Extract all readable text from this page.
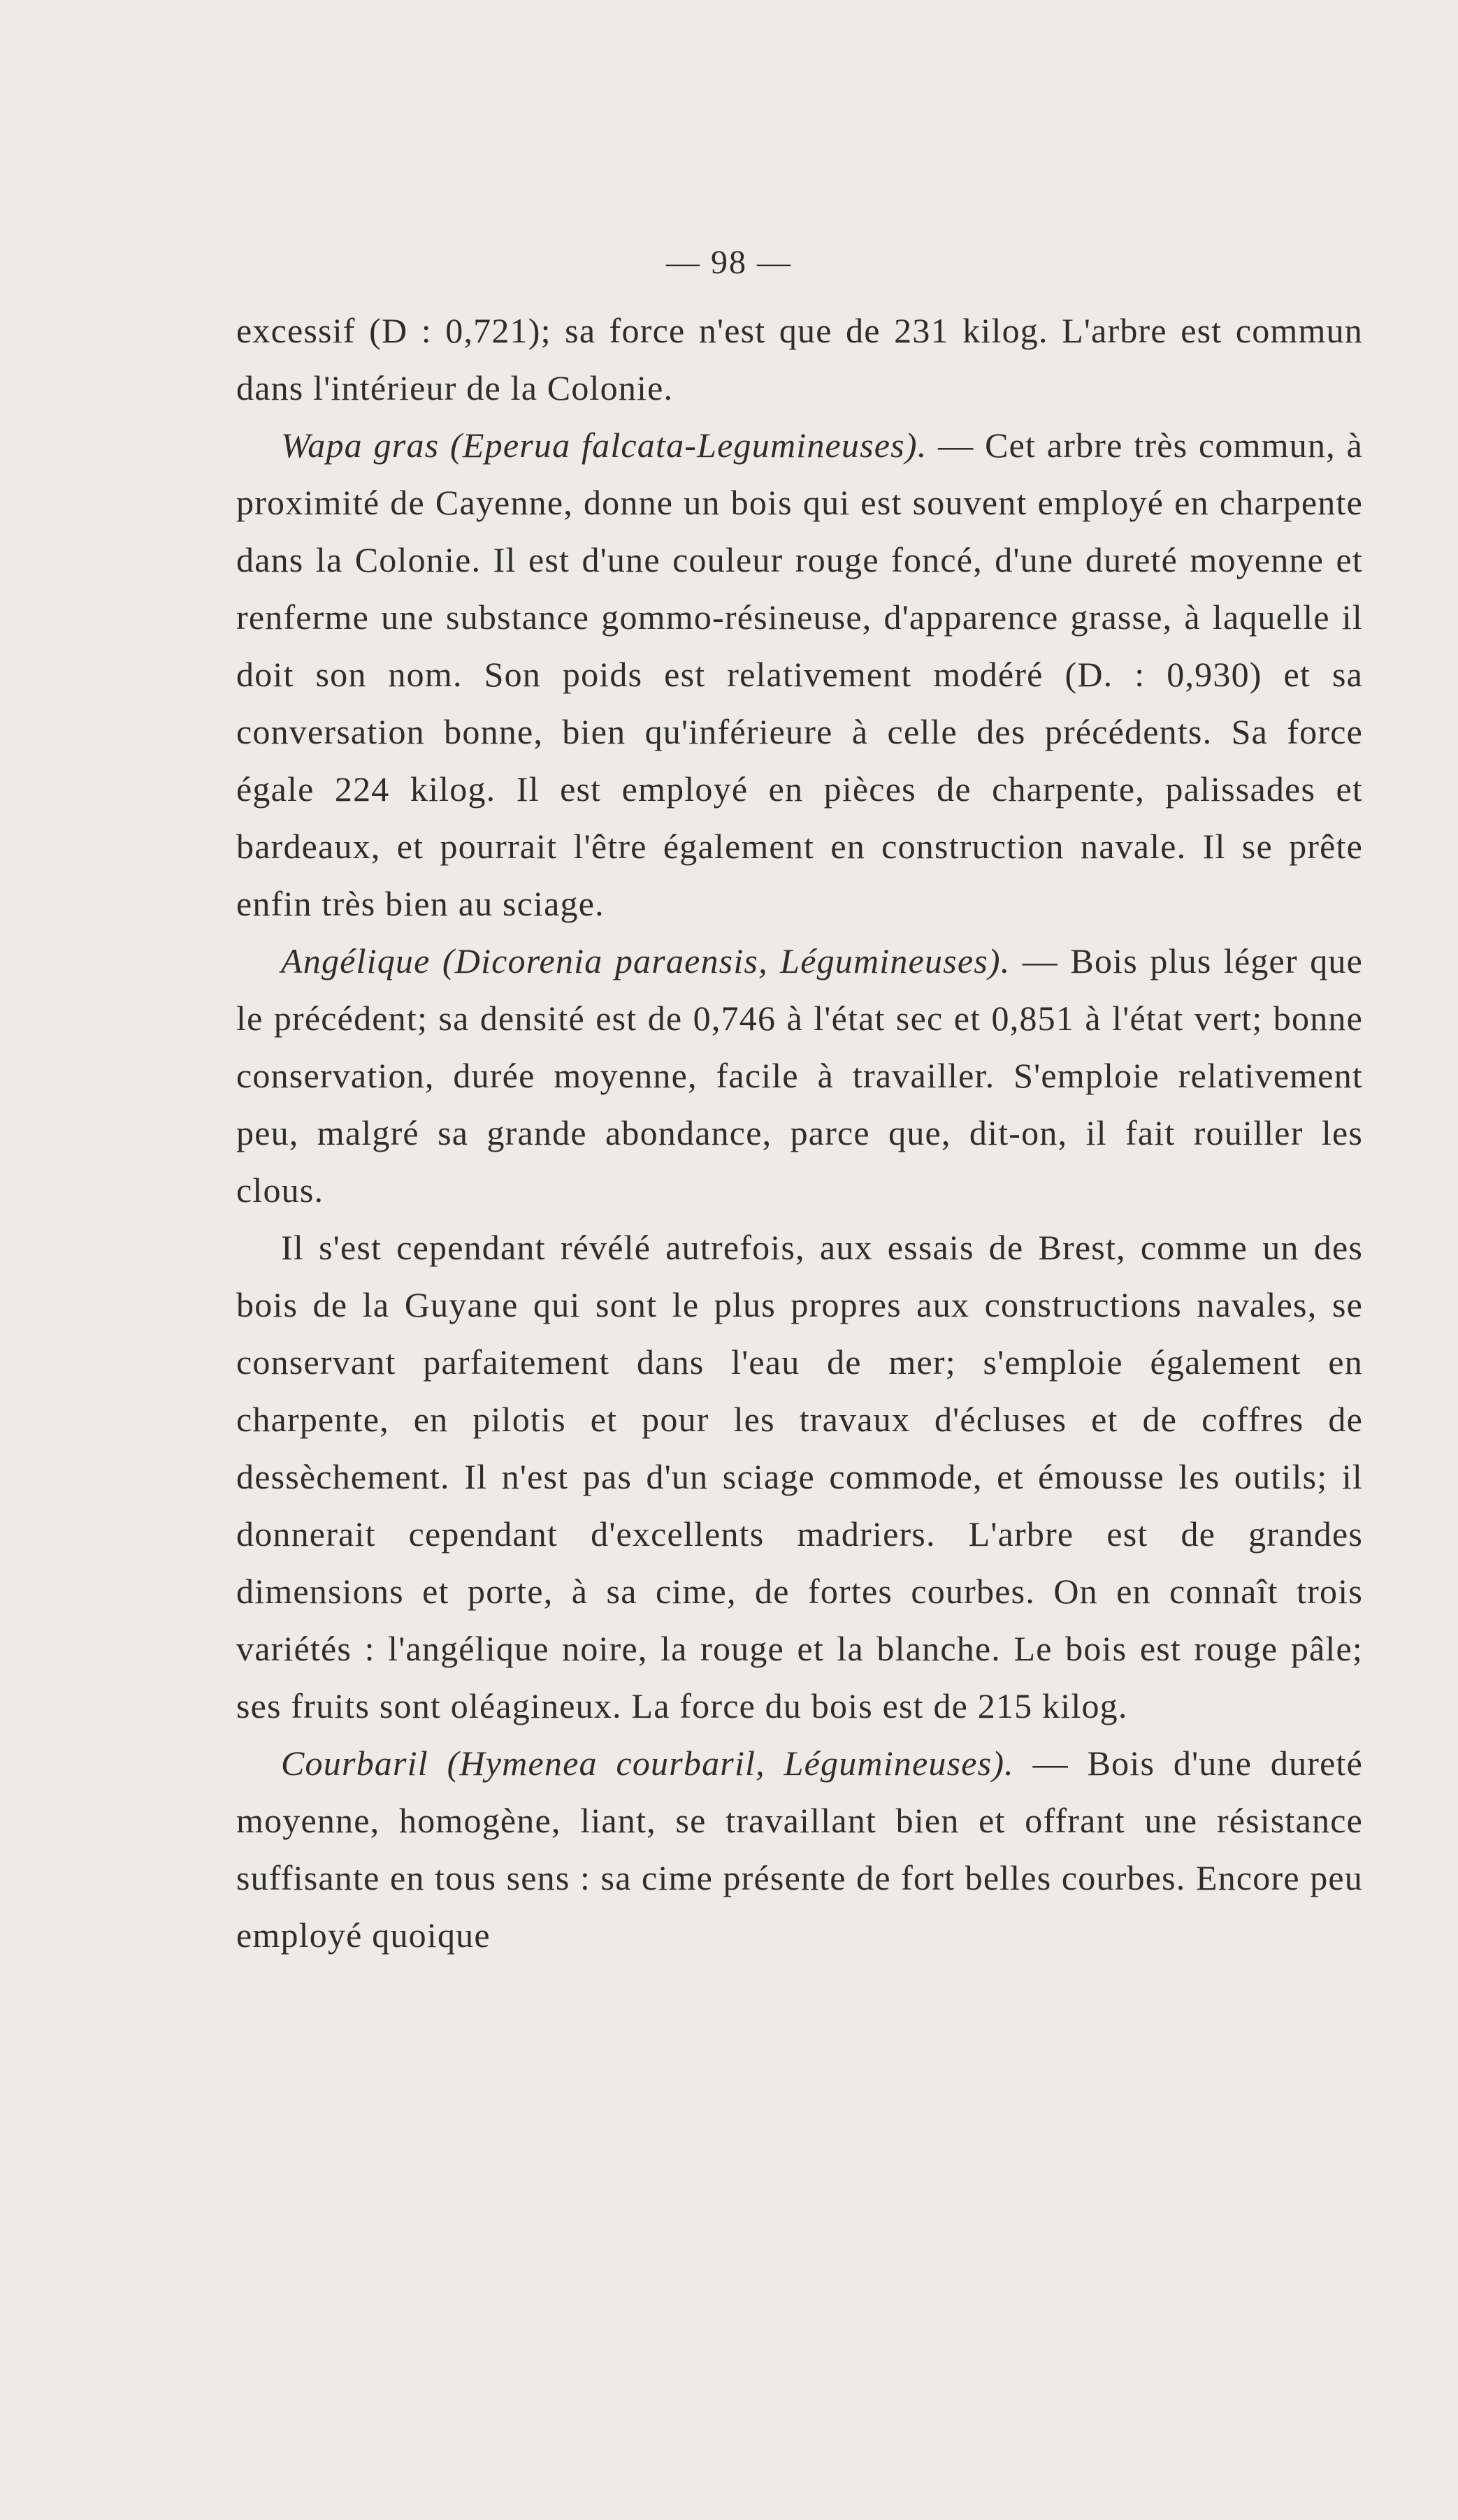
— 98 —

excessif (D : 0,721); sa force n'est que de 231 kilog. L'arbre est commun dans l'intérieur de la Colonie.

Wapa gras (Eperua falcata-Legumineuses). — Cet arbre très commun, à proximité de Cayenne, donne un bois qui est souvent employé en charpente dans la Colonie. Il est d'une couleur rouge foncé, d'une dureté moyenne et renferme une substance gommo-résineuse, d'apparence grasse, à laquelle il doit son nom. Son poids est relativement modéré (D. : 0,930) et sa conversation bonne, bien qu'inférieure à celle des précédents. Sa force égale 224 kilog. Il est employé en pièces de charpente, palissades et bardeaux, et pourrait l'être également en construction navale. Il se prête enfin très bien au sciage.

Angélique (Dicorenia paraensis, Légumineuses). — Bois plus léger que le précédent; sa densité est de 0,746 à l'état sec et 0,851 à l'état vert; bonne conservation, durée moyenne, facile à travailler. S'emploie relativement peu, malgré sa grande abondance, parce que, dit-on, il fait rouiller les clous.

Il s'est cependant révélé autrefois, aux essais de Brest, comme un des bois de la Guyane qui sont le plus propres aux constructions navales, se conservant parfaitement dans l'eau de mer; s'emploie également en charpente, en pilotis et pour les travaux d'écluses et de coffres de dessèchement. Il n'est pas d'un sciage commode, et émousse les outils; il donnerait cependant d'excellents madriers. L'arbre est de grandes dimensions et porte, à sa cime, de fortes courbes. On en connaît trois variétés : l'angélique noire, la rouge et la blanche. Le bois est rouge pâle; ses fruits sont oléagineux. La force du bois est de 215 kilog.

Courbaril (Hymenea courbaril, Légumineuses). — Bois d'une dureté moyenne, homogène, liant, se travaillant bien et offrant une résistance suffisante en tous sens : sa cime présente de fort belles courbes. Encore peu employé quoique
